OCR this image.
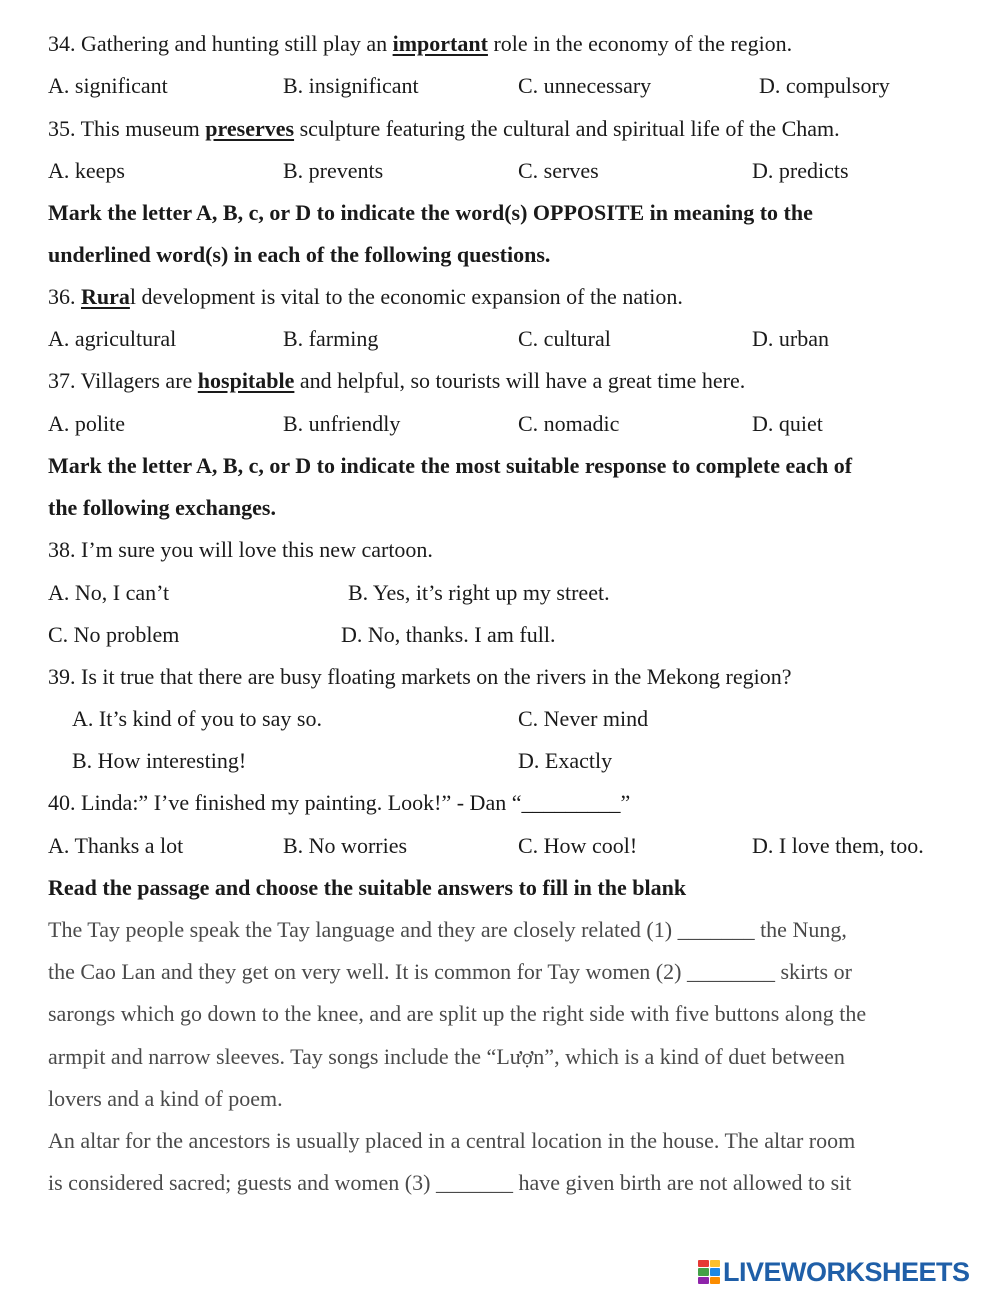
34. Gathering and hunting still play an important role in the economy of the region.
A. significant	B. insignificant	C. unnecessary	D. compulsory
35. This museum preserves sculpture featuring the cultural and spiritual life of the Cham.
A. keeps	B. prevents	C. serves	D. predicts
Mark the letter A, B, c, or D to indicate the word(s) OPPOSITE in meaning to the
underlined word(s) in each of the following questions.
36. Rural development is vital to the economic expansion of the nation.
A. agricultural	B. farming	C. cultural	D. urban
37. Villagers are hospitable and helpful, so tourists will have a great time here.
A. polite	B. unfriendly	C. nomadic	D. quiet
Mark the letter A, B, c, or D to indicate the most suitable response to complete each of
the following exchanges.
38. I’m sure you will love this new cartoon.
A. No, I can’t	B. Yes, it’s right up my street.
C. No problem	D. No, thanks. I am full.
39. Is it true that there are busy floating markets on the rivers in the Mekong region?
A. It’s kind of you to say so.	C. Never mind
B. How interesting!	D. Exactly
40. Linda:” I’ve finished my painting. Look!” - Dan “_________”
A. Thanks a lot	B. No worries	C. How cool!	D. I love them, too.
Read the passage and choose the suitable answers to fill in the blank
The Tay people speak the Tay language and they are closely related (1) _______ the Nung,
the Cao Lan and they get on very well. It is common for Tay women (2) ________ skirts or
sarongs which go down to the knee, and are split up the right side with five buttons along the
armpit and narrow sleeves. Tay songs include the “Lượn”, which is a kind of duet between
lovers and a kind of poem.
An altar for the ancestors is usually placed in a central location in the house. The altar room
is considered sacred; guests and women (3) _______ have given birth are not allowed to sit
LIVEWORKSHEETS
